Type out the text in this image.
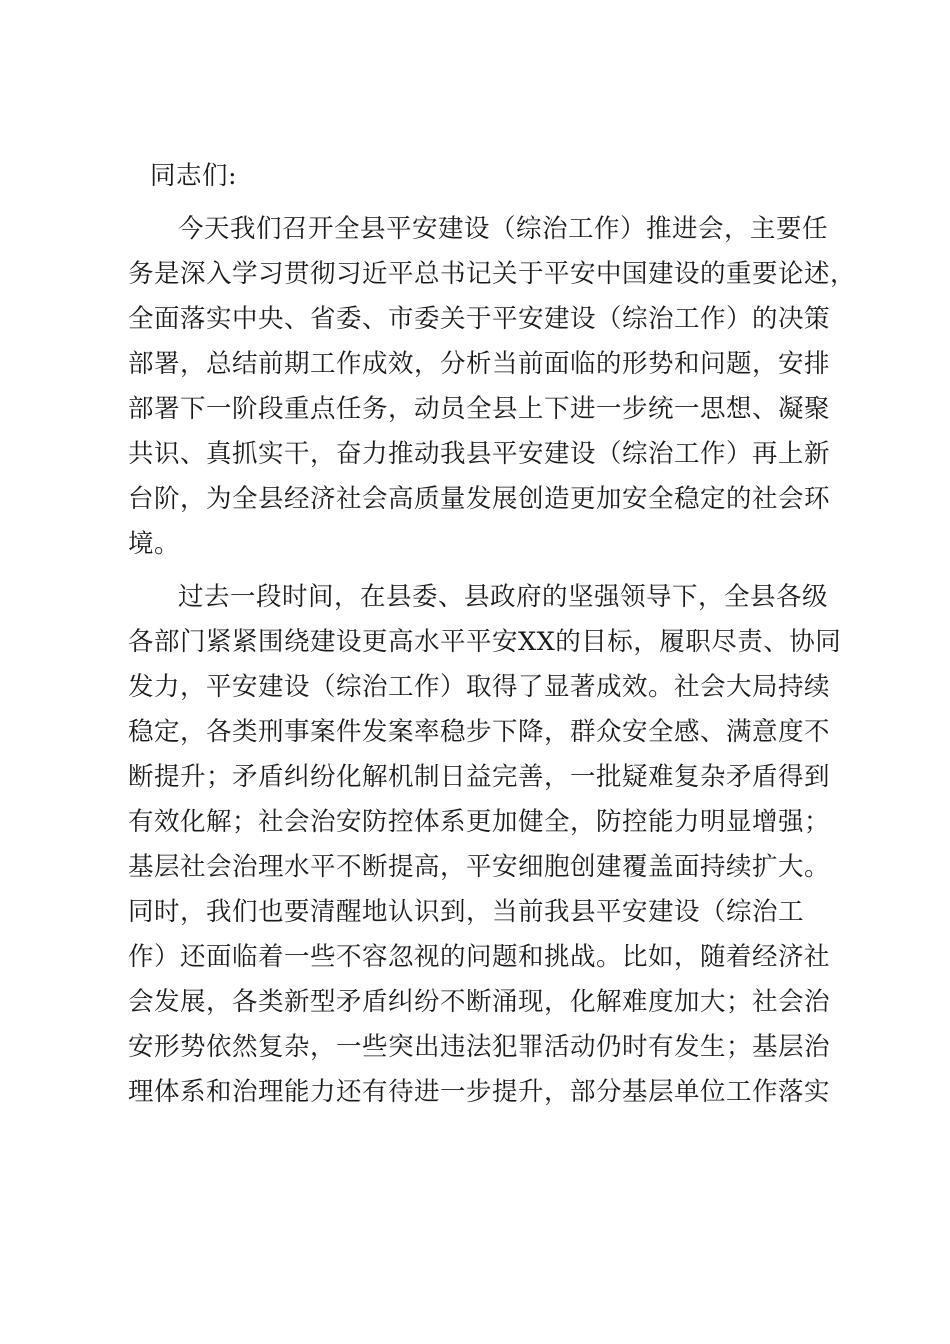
同志们:
今天我们召开全县平安建设（综治工作）推进会，主要任
务是深入学习贯彻习近平总书记关于平安中国建设的重要论述，
全面落实中央、省委、市委关于平安建设（综治工作）的决策
部署，总结前期工作成效，分析当前面临的形势和问题，安排
部署下一阶段重点任务，动员全县上下进一步统一思想、凝聚
共识、真抓实干，奋力推动我县平安建设（综治工作）再上新
台阶，为全县经济社会高质量发展创造更加安全稳定的社会环
境。
过去一段时间，在县委、县政府的坚强领导下，全县各级
各部门紧紧围绕建设更高水平平安XX的目标，履职尽责、协同
发力，平安建设（综治工作）取得了显著成效。社会大局持续
稳定，各类刑事案件发案率稳步下降，群众安全感、满意度不
断提升；矛盾纠纷化解机制日益完善，一批疑难复杂矛盾得到
有效化解；社会治安防控体系更加健全，防控能力明显增强；
基层社会治理水平不断提高，平安细胞创建覆盖面持续扩大。
同时，我们也要清醒地认识到，当前我县平安建设（综治工
作）还面临着一些不容忽视的问题和挑战。比如，随着经济社
会发展，各类新型矛盾纠纷不断涌现，化解难度加大；社会治
安形势依然复杂，一些突出违法犯罪活动仍时有发生；基层治
理体系和治理能力还有待进一步提升，部分基层单位工作落实
